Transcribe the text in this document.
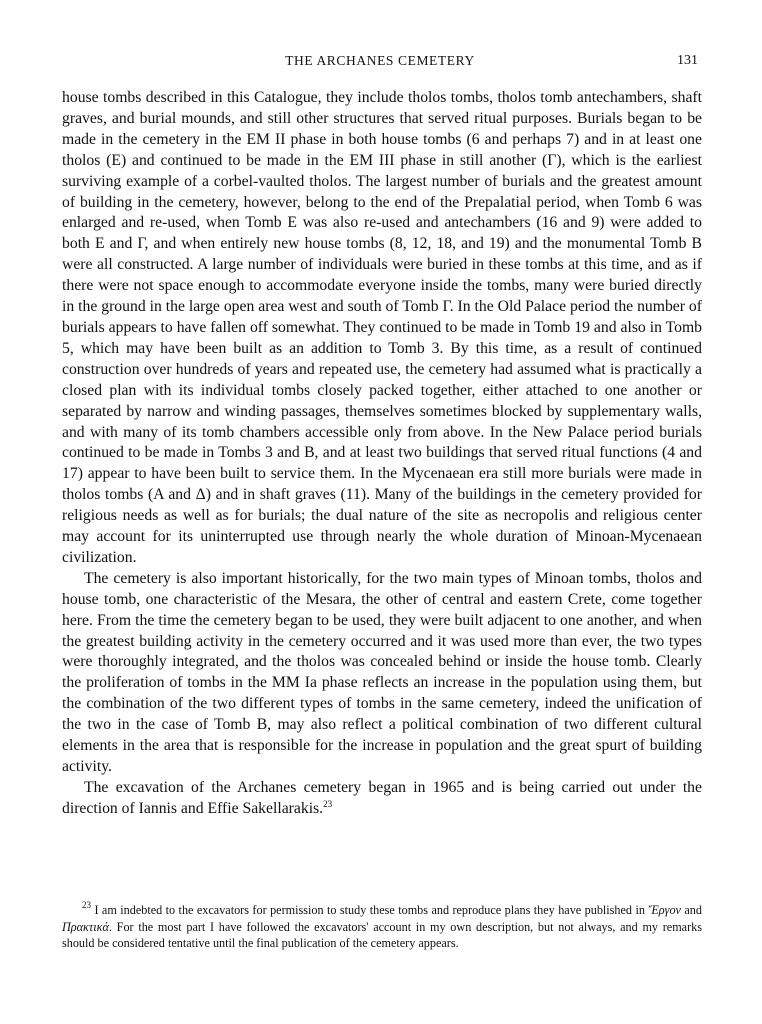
THE ARCHANES CEMETERY	131

house tombs described in this Catalogue, they include tholos tombs, tholos tomb antechambers, shaft graves, and burial mounds, and still other structures that served ritual purposes. Burials began to be made in the cemetery in the EM II phase in both house tombs (6 and perhaps 7) and in at least one tholos (E) and continued to be made in the EM III phase in still another (Γ), which is the earliest surviving example of a corbel-vaulted tholos. The largest number of burials and the greatest amount of building in the cemetery, however, belong to the end of the Prepalatial period, when Tomb 6 was enlarged and re-used, when Tomb E was also re-used and antechambers (16 and 9) were added to both E and Γ, and when entirely new house tombs (8, 12, 18, and 19) and the monumental Tomb B were all constructed. A large number of individuals were buried in these tombs at this time, and as if there were not space enough to accommodate everyone inside the tombs, many were buried directly in the ground in the large open area west and south of Tomb Γ. In the Old Palace period the number of burials appears to have fallen off somewhat. They continued to be made in Tomb 19 and also in Tomb 5, which may have been built as an addition to Tomb 3. By this time, as a result of continued construction over hundreds of years and repeated use, the cemetery had assumed what is practically a closed plan with its individual tombs closely packed together, either attached to one another or separated by narrow and winding passages, themselves sometimes blocked by supplementary walls, and with many of its tomb chambers accessible only from above. In the New Palace period burials continued to be made in Tombs 3 and B, and at least two buildings that served ritual functions (4 and 17) appear to have been built to service them. In the Mycenaean era still more burials were made in tholos tombs (A and Δ) and in shaft graves (11). Many of the buildings in the cemetery provided for religious needs as well as for burials; the dual nature of the site as necropolis and religious center may account for its uninterrupted use through nearly the whole duration of Minoan-Mycenaean civilization.

The cemetery is also important historically, for the two main types of Minoan tombs, tholos and house tomb, one characteristic of the Mesara, the other of central and eastern Crete, come together here. From the time the cemetery began to be used, they were built adjacent to one another, and when the greatest building activity in the cemetery occurred and it was used more than ever, the two types were thoroughly integrated, and the tholos was concealed behind or inside the house tomb. Clearly the proliferation of tombs in the MM Ia phase reflects an increase in the population using them, but the combination of the two different types of tombs in the same cemetery, indeed the unification of the two in the case of Tomb B, may also reflect a political combination of two different cultural elements in the area that is responsible for the increase in population and the great spurt of building activity.

The excavation of the Archanes cemetery began in 1965 and is being carried out under the direction of Iannis and Effie Sakellarakis.$^{23}$

$^{23}$ I am indebted to the excavators for permission to study these tombs and reproduce plans they have published in Ἔργον and Πρακτικά. For the most part I have followed the excavators' account in my own description, but not always, and my remarks should be considered tentative until the final publication of the cemetery appears.
